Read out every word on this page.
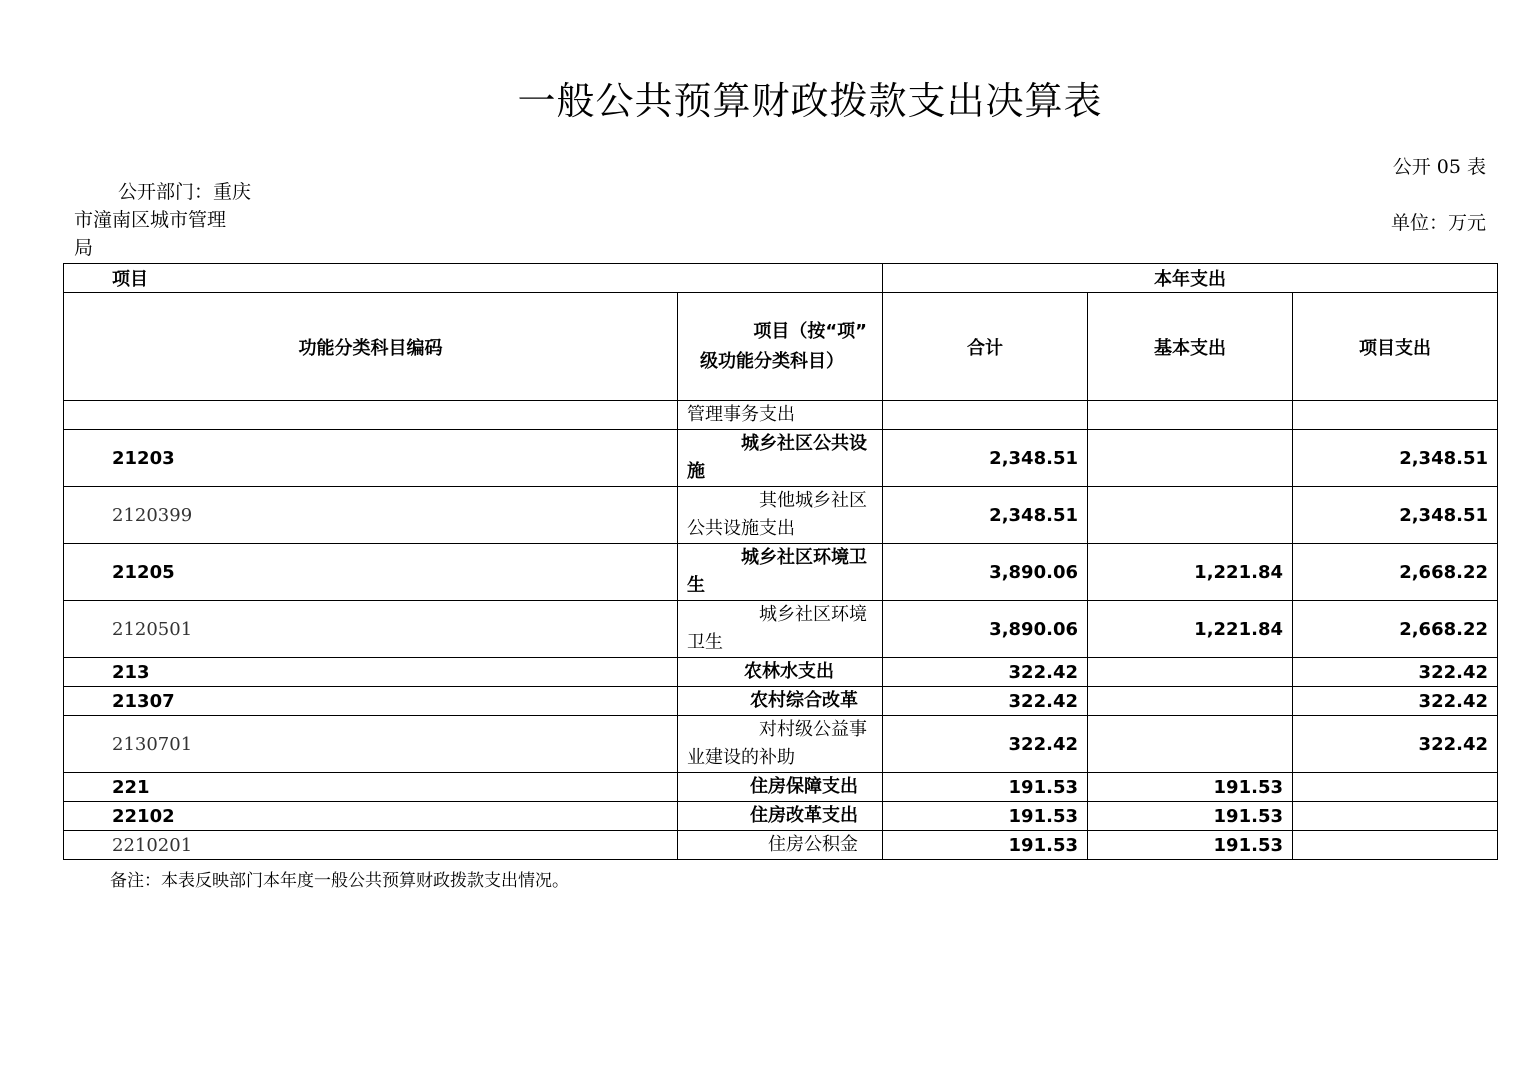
一般公共预算财政拨款支出决算表
公开 05 表
公开部门：重庆
市潼南区城市管理
局
单位：万元
项目		本年支出		
功能分类科目编码	项目（按“项”
级功能分类科目）	合计	基本支出	项目支出
	管理事务支出			
21203	城乡社区公共设
施	2,348.51		2,348.51
2120399	其他城乡社区
公共设施支出	2,348.51		2,348.51
21205	城乡社区环境卫
生	3,890.06	1,221.84	2,668.22
2120501	城乡社区环境
卫生	3,890.06	1,221.84	2,668.22
213	农林水支出	322.42		322.42
21307	农村综合改革	322.42		322.42
2130701	对村级公益事
业建设的补助	322.42		322.42
221	住房保障支出	191.53	191.53	
22102	住房改革支出	191.53	191.53	
2210201	住房公积金	191.53	191.53	
备注：本表反映部门本年度一般公共预算财政拨款支出情况。
